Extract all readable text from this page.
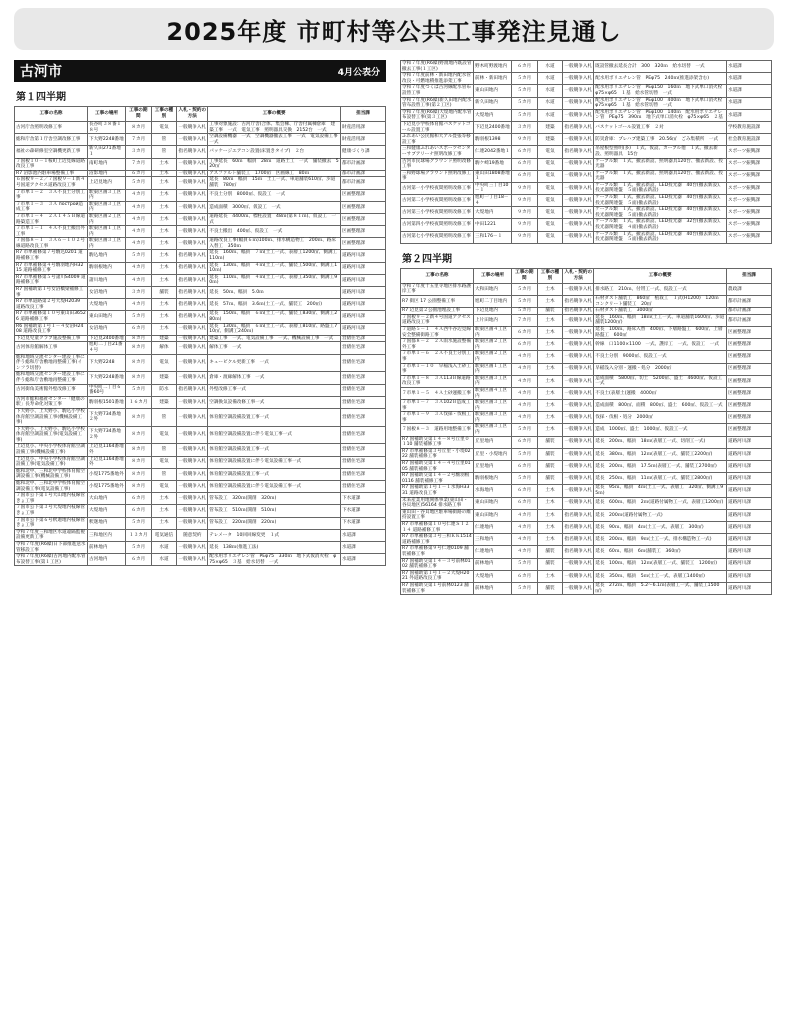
2025年度 市町村等公共工事発注見通し
古河市	4月公表分
第１四半期
工事の名称	工事の場所	工事の期間	工事の種別	入札・契約の方法	工事の概要	担当課
古河庁舎照明改修工事	長谷町３８番１８号	８カ月	電気	一般競争入札	工事対象施設：古河庁舎(合体、集会棟、庁舎付属棟倉庫　建築工事　一式　電気工事　照明器具交換　2152台　一式	財産活用課
総和庁舎第１庁舎空調改修工事	下大野2248番地	７カ月	管	一般競争入札	空調設備機器　一式　空調機器撤去工事　一式　電気設備工事　一式	財産活用課
福祉の森研修室空調機更新工事	新久田271番地１	３カ月	管	指名競争入札	パッケージエアコン設置(床置きタイプ)　２台	健康づくり課
７国板１０－１桜町上辺見線道路改良工事	南町地内	７カ月	土木	一般競争入札	工事延長　60ｍ　幅員　28ｍ　道路土工　一式　舗装撤去　520㎡	都市計画課
R7 沼影池内駐車場整備工事	沼影地内	６カ月	土木	一般競争入札	アスファルト舗装工　1700㎡　区画線工　80ｍ	都市計画課
６国板９－２／７国板９－１新４号国道アクセス道路改良工事	上辺見地内	５カ月	土木	一般競争入札	延長　80ｍ　幅員　15ｍ　土工一式、車道舗装610㎡、歩道舗装　780㎡	都市計画課
７市単１－２　３Ａ不良土分別工事	駅東区画３工区内	４カ月	土木	一般競争入札	不良土分別　8000㎡、仮設工　一式	区画整理課
７市単１－３　３Ａ построй造成工事	駅東区画３工区内	４カ月	土木	一般競争入札	造成面積　3000㎡、仮設工　一式	区画整理課
７市単１－４　２Ａ１４５Ｂ線道路築造工事	駅東区画２工区内	４カ月	土木	一般競争入札	道路延長　4400ｍ、標柱設置　48ｍ(第８１ｍ)、仮設工　一式	区画整理課
７市単１－１　４Ａ不良土搬出外工事	駅東区画１工区内	４カ月	土木	一般競争入札	不良土搬出　400㎡、仮設工　一式	区画整理課
７国都８－１　３Ａ６－１０２号線道路改良工事	駅東区画３工区内	４カ月	土木	一般競争入札	道路改良工事(幅員６ｍ)100ｍ、排水構造物工　200ｍ、路床入替工　350ｍ	区画整理課
R7 市単補修第７号駒込0201 道路補修工事	駒込地内	５カ月	土木	指名競争入札	延長　160ｍ、幅員　７ｍ(土工一式、表層工1200㎡、側溝工110ｍ)	道路河川課
R7 市単補修第４号駒羽地内H3215 道路補修工事	駒羽根地内	４カ月	土木	指名競争入札	延長　130ｍ、幅員　４ｍ(土工一式、舗装工500㎡、側溝工110ｍ)	道路河川課
R7 市単補修第５号諸川S4009 道路補修工事	諸川地内	４カ月	土木	指名競争入札	延長　110ｍ、幅員　４ｍ(土工一式、表層工350㎡、側溝工90ｍ)	道路河川課
R7 国補助第１号女沼橋梁補修工事	女沼地内	３カ月	舗装	指名競争入札	延長　50ｍ、幅員　5.0ｍ	道路河川課
R7 市単道路第２号大堤H2039 道路改良工事	大堤地内	４カ月	土木	指名競争入札	延長　57ｍ、幅員　3.6ｍ(土工一式、舗装工　200㎡)	道路河川課
R7 市単補修第１０号東山田36526 道路補修工事	東山田地内	５カ月	土木	指名競争入札	延長　150ｍ、幅員　６ｍ(土工一式、舗装工830㎡、側溝工280ｍ)	道路河川課
R6 国補助第１号１－４女沼H2408 道路改良工事	女沼地内	６カ月	土木	一般競争入札	延長　130ｍ、幅員　６ｍ(土工一式、表層工810㎡、路盤工710㎡、側溝工240ｍ)	道路河川課
下辺見児童クラブ施設整備工事	下辺見2400番地	８カ月	建築	一般競争入札	建築工事　一式、電気設備工事　一式、機械設備工事　一式	営繕住宅課
古河体育館解体工事	旭町二丁目21番４号	８カ月	解体	一般競争入札	解体工事　一式	営繕住宅課
総和地域交流センター建設工事に伴う総和庁舎敷地再整備工事(インフラ切替)	下大野2248	８カ月	電気	一般競争入札	キュービクル更新工事　一式	営繕住宅課
総和地域交流センター建設工事に伴う総和庁舎敷地再整備工事	下大野2248番地	８カ月	建築	一般競争入札	倉庫・渡廊解体工事　一式	営繕住宅課
古河街角美術館外壁改修工事	中央町二丁目６番60号	５カ月	防水	指名競争入札	外壁改修工事一式	営繕住宅課
古河市総和福祉センター「健康の駅」長寿命化対策工事	駒羽根1501番地	１６カ月	建築	一般競争入札	空調換気設備改修工事一式	営繕住宅課
下大野小、上大野小、駒込小学校体育館空調設備工事(機械設備工事)	下大野734番地２外	８カ月	管	一般競争入札	体育館空調設備設置工事一式	営繕住宅課
下大野小、上大野小、駒込小学校体育館空調設備工事(電気設備工事)	下大野734番地２外	８カ月	電気	一般競争入札	体育館空調設備設置に伴う電気工事一式	営繕住宅課
上辺見小、中央小学校体育館空調設備工事(機械設備工事)	上辺見1164番地外	８カ月	管	一般競争入札	体育館空調設備設置工事一式	営繕住宅課
上辺見小、中央小学校体育館空調設備工事(電気設備工事)	上辺見1164番地外	８カ月	電気	一般競争入札	体育館空調設備設置に伴う電気設備工事一式	営繕住宅課
総和北中、三和北中学校体育館空調設備工事(機械設備工事)	小堤1775番地外	８カ月	管	一般競争入札	体育館空調設備設置工事一式	営繕住宅課
総和北中、三和北中学校体育館空調設備工事(電気設備工事)	小堤1775番地外	８カ月	電気	一般競争入札	体育館空調設備設置に伴う電気設備工事一式	営繕住宅課
７国市公下第１号大山地内枝線管きょ工事	大山地内	６カ月	土木	一般競争入札	管布設工　320ｍ(開削　320ｍ)	下水道課
７国市公下第３号大堤地内枝線管きょ工事	大堤地内	６カ月	土木	一般競争入札	管布設工　510ｍ(開削　510ｍ)	下水道課
７国市公下第６号釈迦地内枝線管きょ工事	釈迦地内	５カ月	土木	一般競争入札	管布設工　220ｍ(開削　220ｍ)	下水道課
令和７年度三和地区水道遠隔監視設備更新工事	三和地区内	１３カ月	電気通信	随意契約	テレメータ　10回回線変更　１式	水道課
令和７年度(R6繰)日下部推進送水管移設工事	前林地内	５カ月	水道	一般競争入札	延長　138ｍ(推進工法)	水道課
令和７年度(R6繰)古河地内配水管布設替工事(第１工区)	古河地内	６カ月	水道	一般競争入札	配水用ポリエチレン管　PEφ75　330ｍ　地下式仮消火栓　φ75×φ65　３基　給水切替　一式	水道課
令和７年度(R6繰)野渡地内既設管撤去工事(１工区)	野木町野渡地内	６カ月	水道	一般競争入札	既設管撤去延長合計　300　320ｍ　給水切替　一式	水道課
令和７年度前林・新田地内配水管改良・可燃地積推進添架工事	前林・新田地内	５カ月	水道	一般競争入札	配水用ポリエチレン管　PEφ75　240ｍ(推進添架含む)	水道課
令和７年度つくば古河線配水管布設替工事	東山田地内	５カ月	水道	一般競争入札	配水用ポリエチレン管　PEφ150　160ｍ　地下式単口消火栓　φ75×φ65　１基　給水管切替　一式	水道課
令和７年度(R6繰)新久田地内配水管布設替工事(第２工区)	新久田地内	５カ月	水道	一般競争入札	配水用ポリエチレン管　PEφ100　400ｍ　地下式単口消火栓　φ75×φ65　１基　給水管切替　一式	水道課
令和７年度(R6繰)大堤地内配水管布設替工事(第３工区)	大堤地内	５カ月	水道	一般競争入札	配水用ポリエチレン管　PEφ100　140ｍ　配水用ポリエチレン管　PEφ75　390ｍ　地下式単口消火栓　φ75×φ65　２基	水道課
下辺見小学校体育館バスケットゴール設置工事	下辺見2400番地	３カ月	建築	指名競争入札	バスケットゴール設置工事　２対	学校教育施設課
ふれあい公民館和大アル畳張等移設工事	駒羽根1398	９カ月	建築	一般競争入札	防災倉庫：プレハブ建築工事　20.56㎡　ごみ集積所　一式	社会教育施設課
三和健康ふれあいスポーツセンターサブアリーナ照明改修工事	仁連2042番地１	６カ月	電気	指名競争入札	吊屋根型照明(多)　１式、仮設、カーブル他　１式、撤去新設、照明器具　15台	スポーツ振興課
古河市民球場グラウンド照明改修工事	駒ケ崎19番地	６カ月	電気	一般競争入札	ケーブル類　１式、撤去新設、照明器具120台、撤去新設、投光器	スポーツ振興課
三和野球場グラウンド照明改修工事	東山田1808番地１	６カ月	電気	一般競争入札	ケーブル類　１式、撤去新設、照明器具120台、撤去新設、投光器	スポーツ振興課
古河第一小学校夜間照明改修工事	中央町三丁目10－１	９カ月	電気	一般競争入札	ケーブル類　１式、撤去新設、LED投光器　40台(撤去新設)、投光器関連盤　５面(撤去新設)	スポーツ振興課
古河第二小学校夜間照明改修工事	旭町一丁目18－４	９カ月	電気	一般競争入札	ケーブル類　１式、撤去新設、LED投光器　40台(撤去新設)、投光器関連盤　５面(撤去新設)	スポーツ振興課
古河第三小学校夜間照明改修工事	大堤地内	９カ月	電気	一般競争入札	ケーブル類　１式、撤去新設、LED投光器　40台(撤去新設)、投光器関連盤　５面(撤去新設)	スポーツ振興課
古河第四小学校夜間照明改修工事	中田1221	９カ月	電気	一般競争入札	ケーブル類　１式、撤去新設、LED投光器　32台(撤去新設)、投光器関連盤　４面(撤去新設)	スポーツ振興課
古河第七小学校夜間照明改修工事	三和176－１	９カ月	電気	一般競争入札	ケーブル類　１式、撤去新設、LED投光器　40台(撤去新設)、投光器関連盤　５面(撤去新設)	スポーツ振興課
第２四半期
工事の名称	工事の場所	工事の期間	工事の種別	入札・契約の方法	工事の概要	担当課
令和７年度十五里寺地区排水路護岸工事	大和田地内	５カ月	土木	一般競争入札	排水路工　210ｍ、付帯工一式、仮設工一式	農政課
R7 街区 17 公園整備工事	旭町二丁目地内	５カ月	土木	指名競争入札	石材ダスト舗装工　860㎡　植栽工　１式(H1200)　120ｍ　コンクリート舗装工　20㎡	都市計画課
R7 辺見第２公園池埋設工事	下辺見地内	５カ月	舗装	指名競争入札	石材ダスト舗装工　3000㎡	都市計画課
７国板９－２新４号国道アクセス道路改良工事	上片田地内	７カ月	土木	一般競争入札	延長　160ｍ、幅員　18ｍ(土工一式、車道舗装1600㎡、歩道舗装1200㎡)	都市計画課
７道路５－１　４Ａ西牛谷辺見線安全整備街路工事	駅東区画４工区内	６カ月	土木	一般競争入札	延長　100ｍ、路床入替　400㎡、下層路盤工　600㎡、上層路盤工　600㎡	区画整理課
７国都８－２　２Ａ雨水施設整備外工事	駅東区画２工区内	６カ月	土木	一般競争入札	幹線　口1100×1100　一式、護岸工　一式、仮設工　一式	区画整理課
７市単１－６　２Ａ不良土分別工事	駅東区画２工区内	４カ月	土木	一般競争入札	不良土分別　9000㎡、仮設工一式	区画整理課
７市単１－１０　早稲浅入土砂工事	駅東区画１工区内	４カ月	土木	一般競争入札	早稲浅入分別・運搬・処分　2000㎡	区画整理課
７市単１－８　３Ａ113Ｂ線道路改良工事	駅東区画３工区内	４カ月	土木	一般競争入札	造成面積　5800㎡、切土　5200㎡、盛土　4600㎡、仮設工一式	区画整理課
７市単１－５　４Ａ土砂運搬工事	駅東区画４工区内	４カ月	土木	一般競争入札	不良土(表層土)運搬　4000㎡	区画整理課
７市単１－７　３Ａ102Ｂ造成工事	駅東区画３工区内	４カ月	土木	一般競争入札	造成面積　800㎡、面積　800㎡、盛土　600㎡、仮設工一式	区画整理課
７市単１－９　３Ａ伐採・伐根工事	駅東区画３工区内	４カ月	土木	一般競争入札	伐採・伐根・処分　2000㎡	区画整理課
７国板８－３　道路用地整備工事	駅東区画３工区内	５カ月	土木	一般競争入札	造成　1000㎡、盛土　1000㎡、仮設工一式	区画整理課
R7 国補助交第１４－８号丘里０１10 舗装補修工事	丘里地内	６カ月	舗装	一般競争入札	延長　200ｍ、幅員　18ｍ(表層工一式、切削工一式)	道路河川課
R7 市単補修第３号丘里・小堤0222 舗装補修工事	丘里・小堤地内	５カ月	舗装	一般競争入札	延長　380ｍ、幅員　12ｍ(表層工一式、舗装工2200㎡)	道路河川課
R7 国補助交第１４－４号丘里0105 舗装補修工事	丘里地内	６カ月	舗装	一般競争入札	延長　200ｍ、幅員　17.5ｍ(表層工一式、舗装工2700㎡)	道路河川課
R7 国補助交第１４－２号駒羽根0116 舗装補修工事	駒羽根地内	５カ月	舗装	一般競争入札	延長　250ｍ、幅員　11ｍ(表層工一式、舗装工2800㎡)	道路河川課
R7 国補助第１号１－１水海H3331 道路改良工事	水海地内	６カ月	土木	一般競争入札	延長　95ｍ、幅員　4ｍ(土工一式、表層工　320㎡、側溝工95ｍ)	道路河川課
未来産業用地関係事業(東山田・谷貝地区)56164 排水路工事	東山田地内	６カ月	土木	一般競争入札	延長　600ｍ、幅員　2ｍ(道路付属物工一式、表層工1200㎡)	道路河川課
東山田・谷貝地区駐車場街路の維持設置工事	東山田地内	４カ月	土木	指名競争入札	延長　200ｍ(道路付属物工一式)	道路河川課
R7 市単補修第１０号仁連ＳＩ２１４ 道路補修工事	仁連地内	４カ月	土木	指名競争入札	延長　90ｍ、幅員　4ｍ(土工一式、表層工　300㎡)	道路河川課
R7 市単補修第３号三和ＫＫ1514 道路補修工事	三和地内	４カ月	土木	指名競争入札	延長　200ｍ、幅員　9ｍ(土工一式、排水構造物工一式)	道路河川課
R7 市単補修第９号仁連0109 舗装補修工事	仁連地内	４カ月	舗装	指名競争入札	延長　60ｍ、幅員　6ｍ(舗装工　360㎡)	道路河川課
R7 国補助交第１４－３号前林0102 舗装補修工事	前林地内	５カ月	舗装	一般競争入札	延長　100ｍ、幅員　12ｍ(表層工一式、舗装工　1200㎡)	道路河川課
R7 国補助第１号１－２大堤H2021 外道路改良工事	大堤地内	６カ月	土木	一般競争入札	延長　350ｍ、幅員　5ｍ(土工一式、表層工1400㎡)	道路河川課
R7 国補助交第１号前林0123 舗装補修工事	前林地内	５カ月	舗装	一般競争入札	延長　272ｍ、幅員　5.2～6.1ｍ(表層工一式、舗装工1500㎡)	道路河川課
